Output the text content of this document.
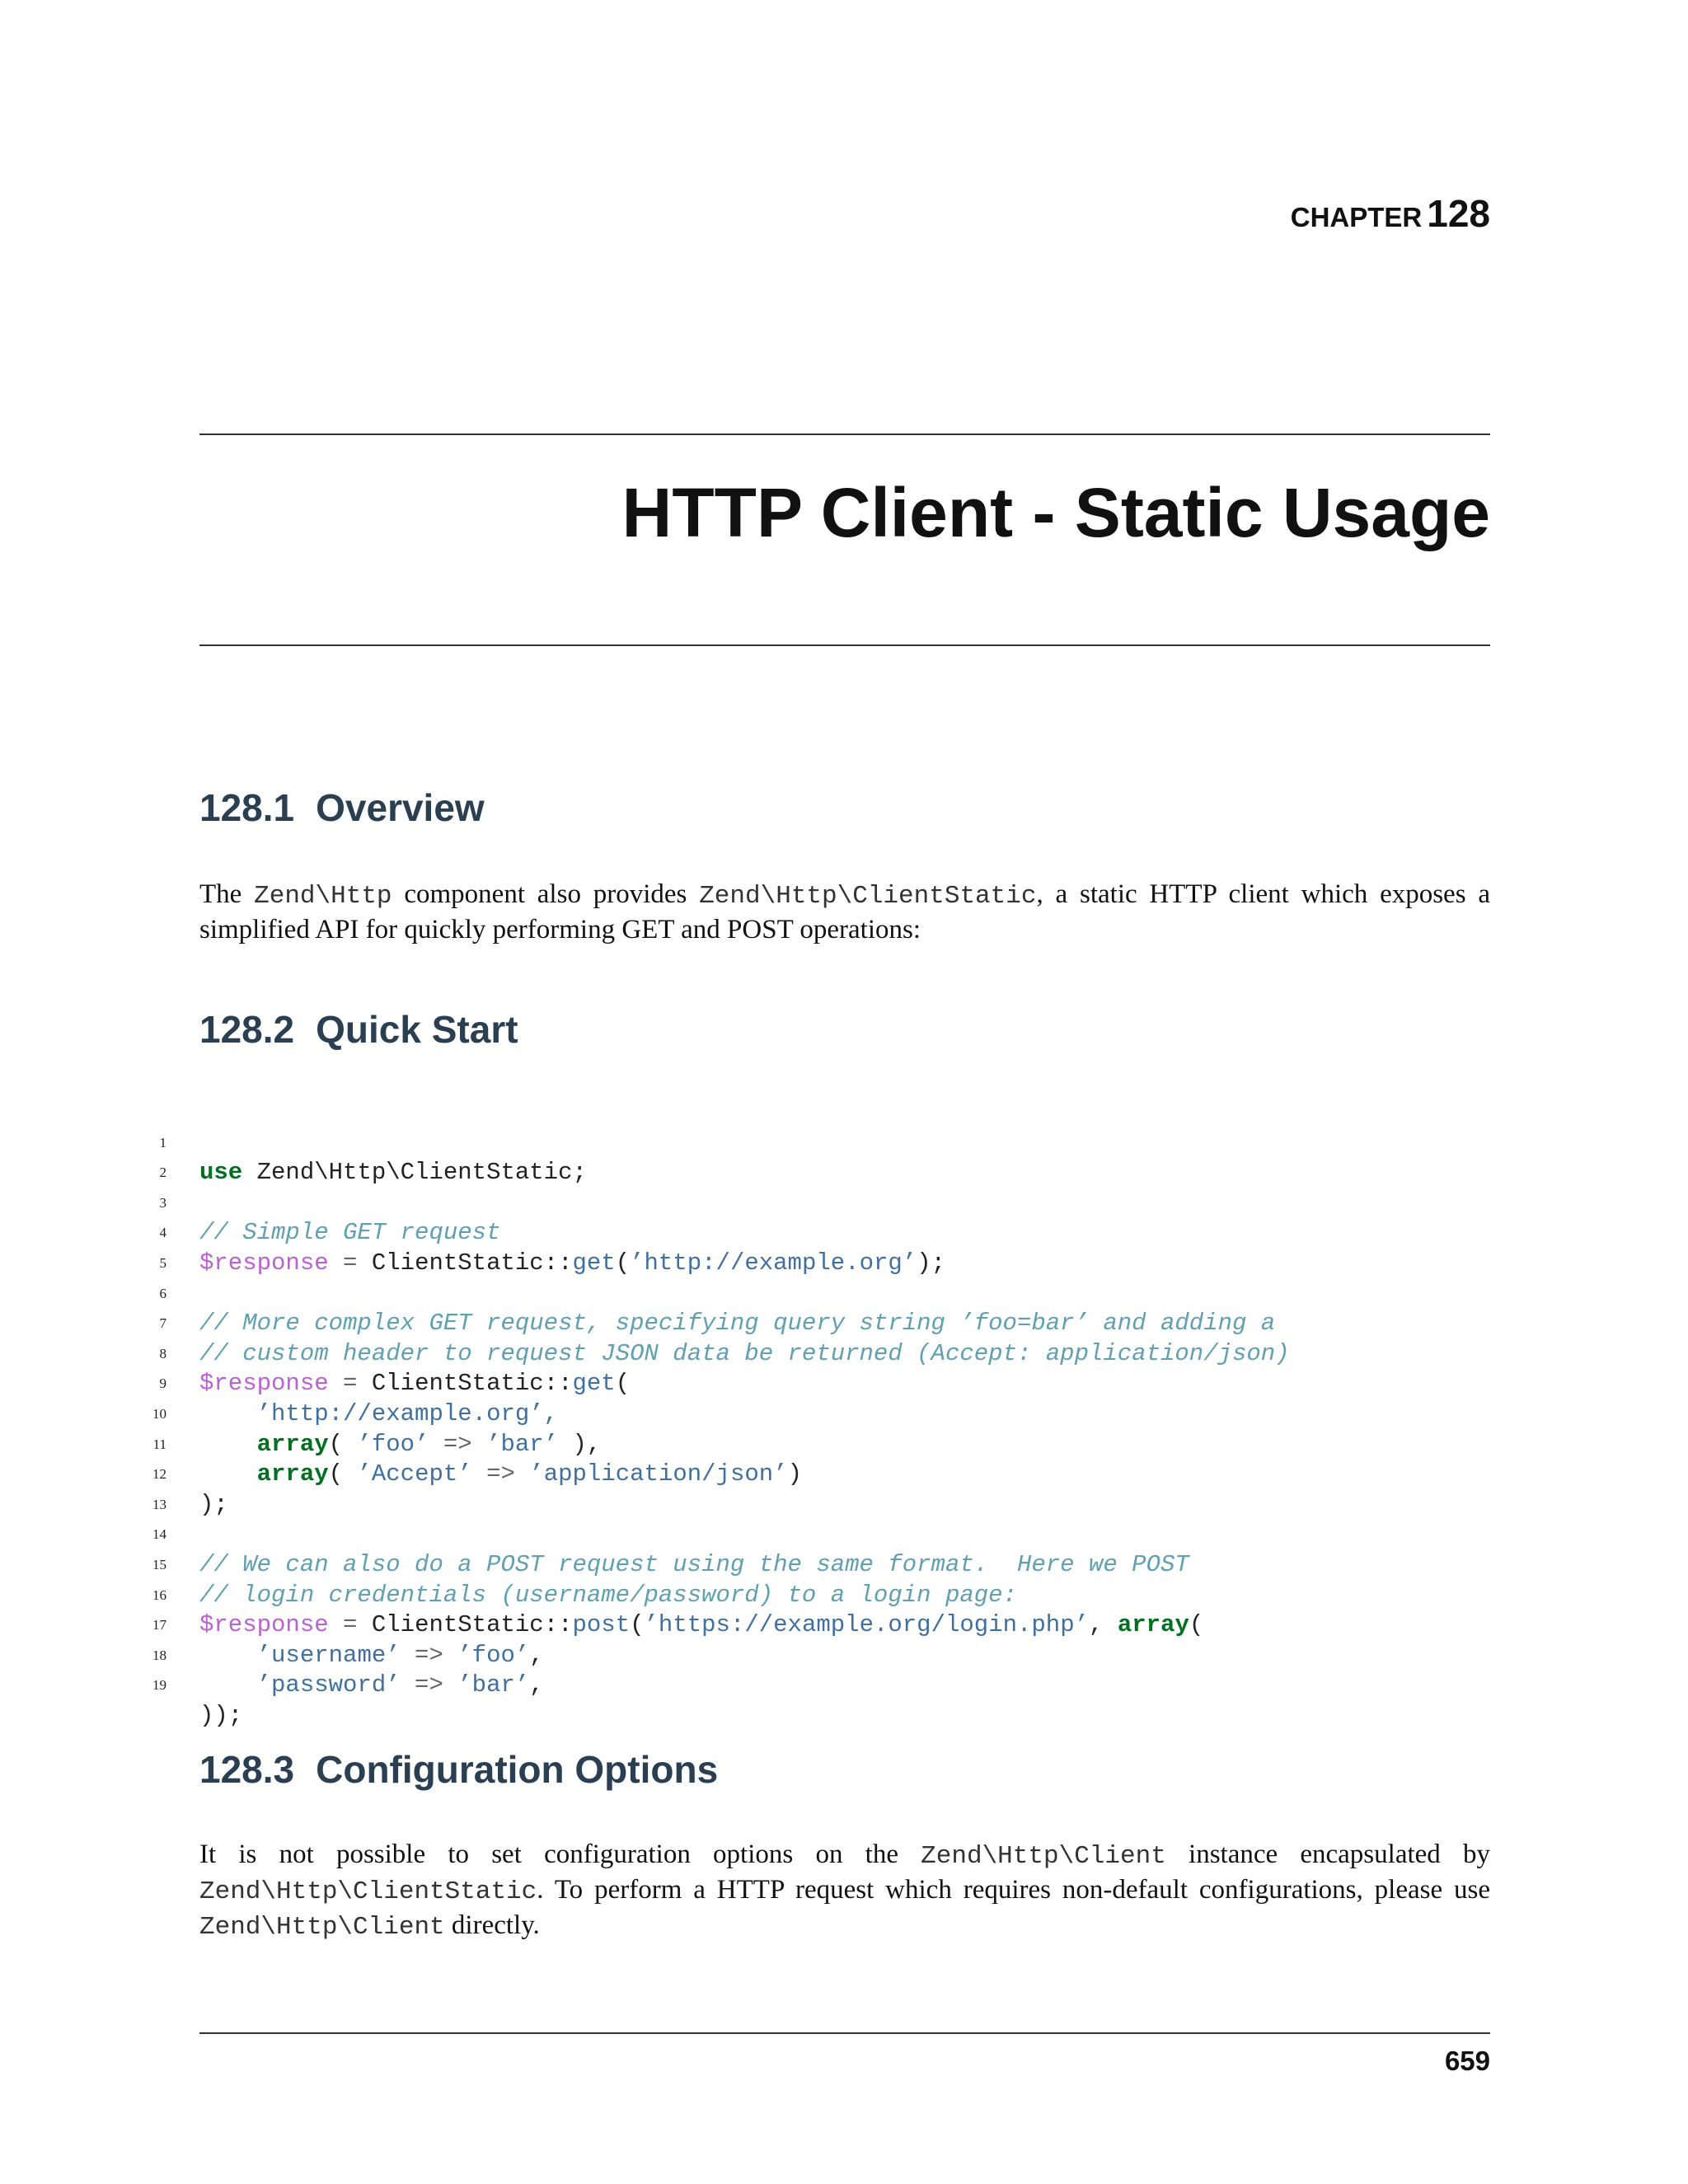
CHAPTER 128
HTTP Client - Static Usage
128.1 Overview
The Zend\Http component also provides Zend\Http\ClientStatic, a static HTTP client which exposes a
simplified API for quickly performing GET and POST operations:
128.2 Quick Start

1

use Zend\Http\ClientStatic;

2

3

// Simple GET request

4

$response = ClientStatic::get(’http://example.org’);

5

6

// More complex GET request, specifying query string ’foo=bar’ and adding a

7

// custom header to request JSON data be returned (Accept: application/json)

8

$response = ClientStatic::get(

9

’http://example.org’,

10

array( ’foo’ => ’bar’ ),

11

array( ’Accept’ => ’application/json’)

12

);

13

14

// We can also do a POST request using the same format.  Here we POST

15

// login credentials (username/password) to a login page:

16

$response = ClientStatic::post(’https://example.org/login.php’, array(

17

’username’ => ’foo’,

18

’password’ => ’bar’,

19

));

128.3 Configuration Options
It is not possible to set configuration options on the Zend\Http\Client instance encapsulated by
Zend\Http\ClientStatic. To perform a HTTP request which requires non-default configurations, please use
Zend\Http\Client directly.
659
